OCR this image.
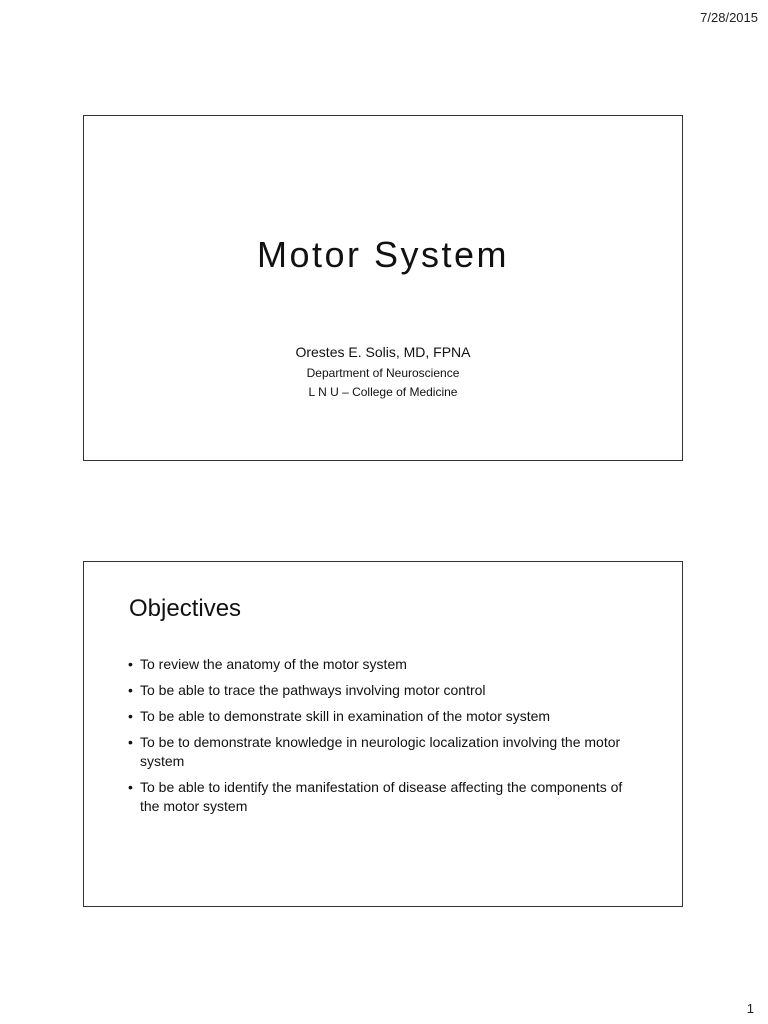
7/28/2015
Motor System
Orestes E. Solis, MD, FPNA
Department of Neuroscience
L N U – College of Medicine
Objectives
• To review the anatomy of the motor system
• To be able to trace the pathways involving motor control
• To be able to demonstrate skill in examination of the motor system
• To be to demonstrate knowledge in neurologic localization involving the motor system
• To be able to identify the manifestation of disease affecting the components of the motor system
1
